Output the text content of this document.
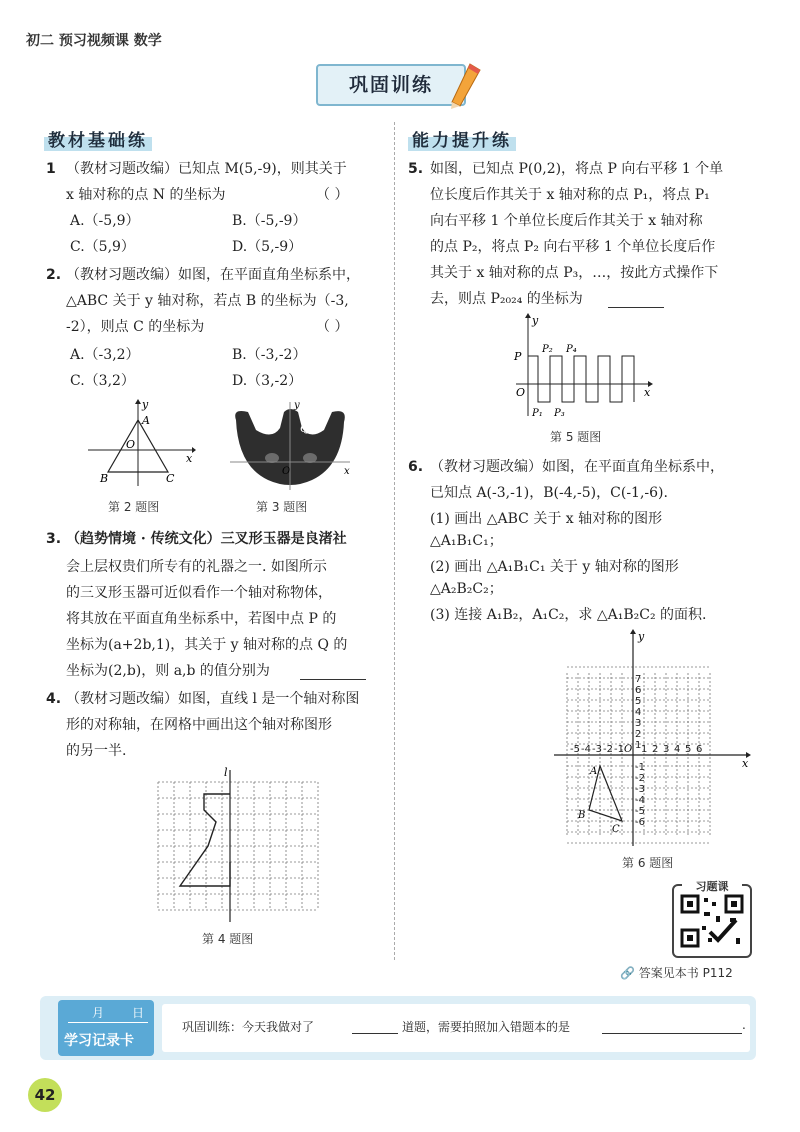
初二 预习视频课 数学
巩固训练
教材基础练	能力提升练
1 （教材习题改编）已知点 M(5,-9)，则其关于
x 轴对称的点 N 的坐标为	（ ）
A.（-5,9）	B.（-5,-9）
C.（5,9）	D.（5,-9）
2. （教材习题改编）如图，在平面直角坐标系中，
△ABC 关于 y 轴对称，若点 B 的坐标为（-3,
-2），则点 C 的坐标为	（ ）
A.（-3,2）	B.（-3,-2）
C.（3,2）	D.（3,-2）
y
x
A
O
B	C
第 2 题图
y
x
P	Q
O
第 3 题图
3. （趋势情境 · 传统文化）三叉形玉器是良渚社
会上层权贵们所专有的礼器之一. 如图所示
的三叉形玉器可近似看作一个轴对称物体，
将其放在平面直角坐标系中，若图中点 P 的
坐标为(a+2b,1)，其关于 y 轴对称的点 Q 的
坐标为(2,b)，则 a,b 的值分别为
4. （教材习题改编）如图，直线 l 是一个轴对称图
形的对称轴，在网格中画出这个轴对称图形
的另一半.
l
第 4 题图
5. 如图，已知点 P(0,2)，将点 P 向右平移 1 个单
位长度后作其关于 x 轴对称的点 P₁，将点 P₁
向右平移 1 个单位长度后作其关于 x 轴对称
的点 P₂，将点 P₂ 向右平移 1 个单位长度后作
其关于 x 轴对称的点 P₃，…，按此方式操作下
去，则点 P₂₀₂₄ 的坐标为
y
x
O
P
P₂ P₄
P₁ P₃
第 5 题图
6. （教材习题改编）如图，在平面直角坐标系中，
已知点 A(-3,-1)，B(-4,-5)，C(-1,-6).
(1) 画出 △ABC 关于 x 轴对称的图形
△A₁B₁C₁；
(2) 画出 △A₁B₁C₁ 关于 y 轴对称的图形
△A₂B₂C₂；
(3) 连接 A₁B₂，A₁C₂，求 △A₁B₂C₂ 的面积.
-5 -4 -3 -2 -1 1 2 3 4 5 6
7
6
5
4
3
2
1
-1
-2
-3
-4
-5
-6
y
x
O
A
B
C
第 6 题图
习题课
🔗 答案见本书 P112
月 日
学习记录卡
巩固训练：今天我做对了	道题，需要拍照加入错题本的是	.
42
